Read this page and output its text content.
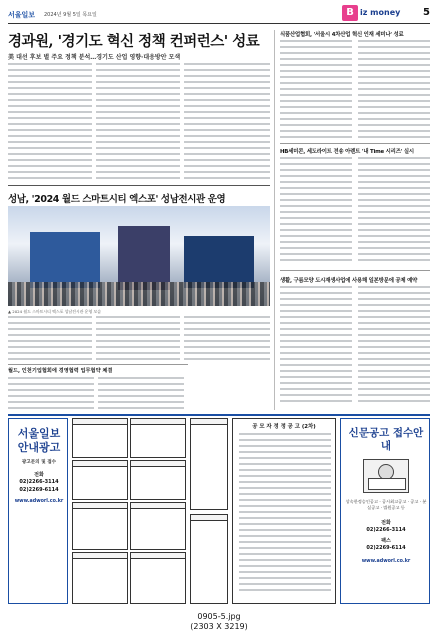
서울일보 2024년 9월 5일 목요일	B iz money 5
경과원, '경기도 혁신 정책 컨퍼런스' 성료
美 대선 후보 별 주요 정책 분석…경기도 산업 영향·대응방안 모색
식품산업협회, '서울시 4차산업 혁신 인재 세미나' 성료
HB세미콘, 세도라이트 전송 아렌트 '내 Time 시리즈' 실시
생활, 구름모양 도시재생사업에 사용해 일본방문에 공제 예약
성남, '2024 월드 스마트시티 엑스포' 성남전시관 운영
▲ 2024 월드 스마트시티 엑스포 성남전시관 운영 모습
월드, 인천기업협회에 경영협력 업무협약 체결
서울일보 안내광고
광고문의 및 접수
전화
02)2266-3114
02)2269-6114
www.adworl.co.kr
공 모 자 정 정 공 고 (2차)	신문공고 접수안내
상속한정승인공고 · 공시최고공고 · 공고 · 분실공고 · 법원공고 등
전화
02)2266-3114
팩스
02)2269-6114
www.adworl.co.kr
0905-5.jpg
(2303 X 3219)
